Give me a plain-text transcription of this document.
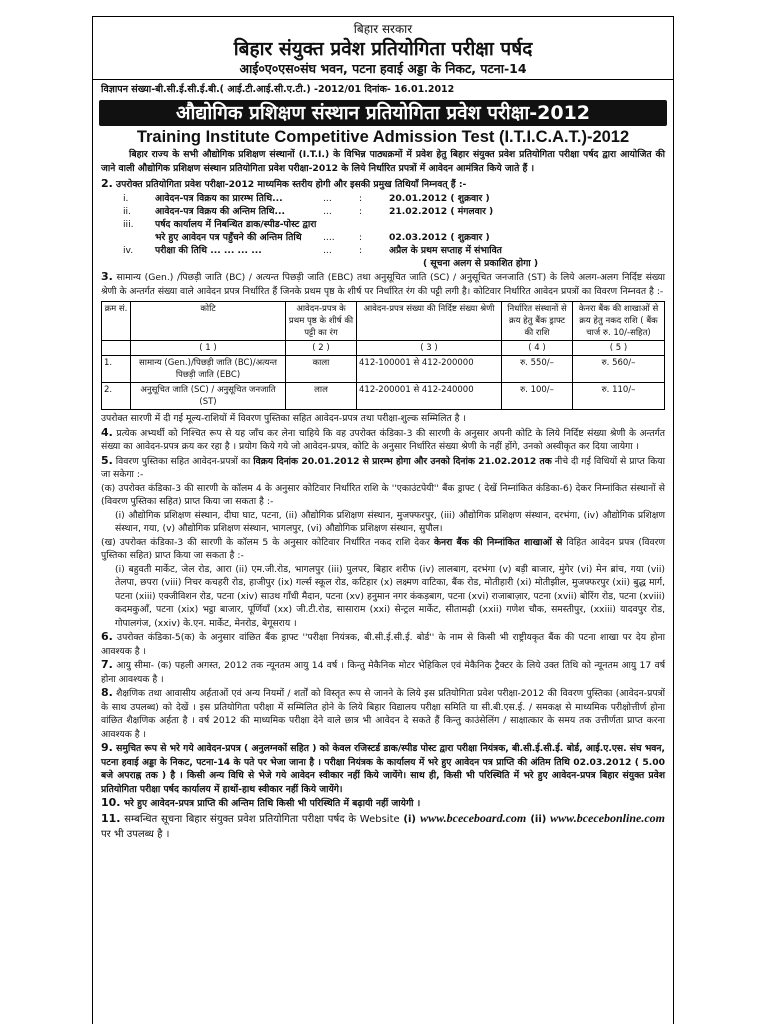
बिहार सरकार
बिहार संयुक्त प्रवेश प्रतियोगिता परीक्षा पर्षद
आई०ए०एस०संघ भवन, पटना हवाई अड्डा के निकट, पटना-14
विज्ञापन संख्या-बी.सी.ई.सी.ई.बी.( आई.टी.आई.सी.ए.टी.) -2012/01 दिनांक- 16.01.2012
औद्योगिक प्रशिक्षण संस्थान प्रतियोगिता प्रवेश परीक्षा-2012
Training Institute Competitive Admission Test (I.T.I.C.A.T.)-2012

बिहार राज्य के सभी औद्योगिक प्रशिक्षण संस्थानों (I.T.I.) के विभिन्न पाठ्यक्रमों में प्रवेश हेतु बिहार संयुक्त प्रवेश प्रतियोगिता परीक्षा पर्षद द्वारा आयोजित की जाने वाली औद्योगिक प्रशिक्षण संस्थान प्रतियोगिता प्रवेश परीक्षा-2012 के लिये निर्धारित प्रपत्रों में आवेदन आमंत्रित किये जाते हैं ।

2. उपरोक्त प्रतियोगिता प्रवेश परीक्षा-2012 माध्यमिक स्तरीय होगी और इसकी प्रमुख तिथियाँ निम्नवत् हैं :-

i.	आवेदन-पत्र विक्रय का प्रारम्भ तिथि...	...	:	20.01.2012 ( शुक्रवार )
ii.	आवेदन-पत्र विक्रय की अन्तिम तिथि...	...	:	21.02.2012 ( मंगलवार )
iii.	पर्षद कार्यालय में निबन्धित डाक/स्पीड-पोस्ट द्वारा			
	भरे हुए आवेदन पत्र पहुँचने की अन्तिम तिथि	....	:	02.03.2012 ( शुक्रवार )
iv.	परीक्षा की तिथि ... ... ... ...	...	:	अप्रैल के प्रथम सप्ताह में संभावित
( सूचना अलग से प्रकाशित होगा )

3. सामान्य (Gen.) /पिछड़ी जाति (BC) / अत्यन्त पिछड़ी जाति (EBC) तथा अनुसूचित जाति (SC) / अनुसूचित जनजाति (ST) के लिये अलग-अलग निर्दिष्ट संख्या श्रेणी के अन्तर्गत संख्या वाले आवेदन प्रपत्र निर्धारित हैं जिनके प्रथम पृष्ठ के शीर्ष पर निर्धारित रंग की पट्टी लगी है। कोटिवार निर्धारित आवेदन प्रपत्रों का विवरण निम्नवत है :-

क्रम सं.	कोटि	आवेदन-प्रपत्र के प्रथम पृष्ठ के शीर्ष की पट्टी का रंग	आवेदन-प्रपत्र संख्या की निर्दिष्ट संख्या श्रेणी	निर्धारित संस्थानों से क्रय हेतु बैंक ड्राफ्ट की राशि	केनरा बैंक की शाखाओं से क्रय हेतु नकद राशि ( बैंक चार्ज रु. 10/-सहित)
	( 1 )	( 2 )	( 3 )	( 4 )	( 5 )
1.	सामान्य (Gen.)/पिछड़ी जाति (BC)/अत्यन्त पिछड़ी जाति (EBC)	काला	412-100001 से 412-200000	रु. 550/–	रु. 560/–
2.	अनुसूचित जाति (SC) / अनुसूचित जनजाति (ST)	लाल	412-200001 से 412-240000	रु. 100/–	रु. 110/–

उपरोक्त सारणी में दी गई मूल्य-राशियों में विवरण पुस्तिका सहित आवेदन-प्रपत्र तथा परीक्षा-शुल्क सम्मिलित है ।

4. प्रत्येक अभ्यर्थी को निश्चित रूप से यह जाँच कर लेना चाहिये कि वह उपरोक्त कंडिका-3 की सारणी के अनुसार अपनी कोटि के लिये निर्दिष्ट संख्या श्रेणी के अन्तर्गत संख्या का आवेदन-प्रपत्र क्रय कर रहा है । प्रयोग किये गये जो आवेदन-प्रपत्र, कोटि के अनुसार निर्धारित संख्या श्रेणी के नहीं होंगे, उनको अस्वीकृत कर दिया जायेगा ।

5. विवरण पुस्तिका सहित आवेदन-प्रपत्रों का विक्रय दिनांक 20.01.2012 से प्रारम्भ होगा और उनको दिनांक 21.02.2012 तक नीचे दी गई विधियों से प्राप्त किया जा सकेगा :-

(क) उपरोक्त कंडिका-3 की सारणी के कॉलम 4 के अनुसार कोटिवार निर्धारित राशि के ''एकाउंटपेयी'' बैंक ड्राफ्ट ( देखें निम्नांकित कंडिका-6) देकर निम्नांकित संस्थानों से (विवरण पुस्तिका सहित) प्राप्त किया जा सकता है :-

(i) औद्योगिक प्रशिक्षण संस्थान, दीघा घाट, पटना, (ii) औद्योगिक प्रशिक्षण संस्थान, मुजफ्फरपुर, (iii) औद्योगिक प्रशिक्षण संस्थान, दरभंगा, (iv) औद्योगिक प्रशिक्षण संस्थान, गया, (v) औद्योगिक प्रशिक्षण संस्थान, भागलपुर, (vi) औद्योगिक प्रशिक्षण संस्थान, सुपौल।

(ख) उपरोक्त कंडिका-3 की सारणी के कॉलम 5 के अनुसार कोटिवार निर्धारित नकद राशि देकर केनरा बैंक की निम्नांकित शाखाओं से विहित आवेदन प्रपत्र (विवरण पुस्तिका सहित) प्राप्त किया जा सकता है :-

(i) बहुवती मार्केट, जेल रोड, आरा (ii) एम.जी.रोड, भागलपुर (iii) पुलपर, बिहार शरीफ (iv) लालबाग, दरभंगा (v) बड़ी बाजार, मुंगेर (vi) मेन ब्रांच, गया (vii) तेलपा, छपरा (viii) निचर कचहरी रोड, हाजीपुर (ix) गर्ल्स स्कूल रोड, कटिहार (x) लक्ष्मण वाटिका, बैंक रोड, मोतीहारी (xi) मोतीझील, मुजफ्फरपुर (xii) बुद्ध मार्ग, पटना (xiii) एक्जीविशन रोड, पटना (xiv) साउथ गाँधी मैदान, पटना (xv) हनुमान नगर कंकड़बाग, पटना (xvi) राजाबाज़ार, पटना (xvii) बोरिंग रोड, पटना (xviii) कदमकुआँ, पटना (xix) भट्ठा बाजार, पूर्णियाँ (xx) जी.टी.रोड, सासाराम (xxi) सेन्ट्रल मार्केट, सीतामढ़ी (xxii) गणेश चौक, समस्तीपुर, (xxiii) यादवपुर रोड, गोपालगंज, (xxiv) के.एन. मार्केट, मेनरोड, बेगूसराय ।

6. उपरोक्त कंडिका-5(क) के अनुसार वांछित बैंक ड्राफ्ट ''परीक्षा नियंत्रक, बी.सी.ई.सी.ई. बोर्ड'' के नाम से किसी भी राष्ट्रीयकृत बैंक की पटना शाखा पर देय होना आवश्यक है ।

7. आयु सीमा- (क) पहली अगस्त, 2012 तक न्यूनतम आयु 14 वर्ष । किन्तु मेकैनिक मोटर भेहिकिल एवं मेकैनिक ट्रैक्टर के लिये उक्त तिथि को न्यूनतम आयु 17 वर्ष होना आवश्यक है ।

8. शैक्षणिक तथा आवासीय अर्हताओं एवं अन्य नियमों / शर्तों को विस्तृत रूप से जानने के लिये इस प्रतियोगिता प्रवेश परीक्षा-2012 की विवरण पुस्तिका (आवेदन-प्रपत्रों के साथ उपलब्ध) को देखें । इस प्रतियोगिता परीक्षा में सम्मिलित होने के लिये बिहार विद्यालय परीक्षा समिति या सी.बी.एस.ई. / समकक्ष से माध्यमिक परीक्षोत्तीर्ण होना वांछित शैक्षणिक अर्हता है । वर्ष 2012 की माध्यमिक परीक्षा देने वाले छात्र भी आवेदन दे सकते हैं किन्तु काउंसेलिंग / साक्षात्कार के समय तक उत्तीर्णता प्राप्त करना आवश्यक है ।

9. समुचित रूप से भरे गये आवेदन-प्रपत्र ( अनुलग्नकों सहित ) को केवल रजिस्टर्ड डाक/स्पीड पोस्ट द्वारा परीक्षा नियंत्रक, बी.सी.ई.सी.ई. बोर्ड, आई.ए.एस. संघ भवन, पटना हवाई अड्डा के निकट, पटना-14 के पते पर भेजा जाना है । परीक्षा नियंत्रक के कार्यालय में भरे हुए आवेदन पत्र प्राप्ति की अंतिम तिथि 02.03.2012 ( 5.00 बजे अपराह्न तक ) है । किसी अन्य विधि से भेजे गये आवेदन स्वीकार नहीं किये जायेंगे। साथ ही, किसी भी परिस्थिति में भरे हुए आवेदन-प्रपत्र बिहार संयुक्त प्रवेश प्रतियोगिता परीक्षा पर्षद कार्यालय में हाथों-हाथ स्वीकार नहीं किये जायेंगे।

10. भरे हुए आवेदन-प्रपत्र प्राप्ति की अन्तिम तिथि किसी भी परिस्थिति में बढ़ायी नहीं जायेगी ।

11. सम्बन्धित सूचना बिहार संयुक्त प्रवेश प्रतियोगिता परीक्षा पर्षद के Website (i) www.bceceboard.com (ii) www.bcecebonline.com पर भी उपलब्ध है ।
